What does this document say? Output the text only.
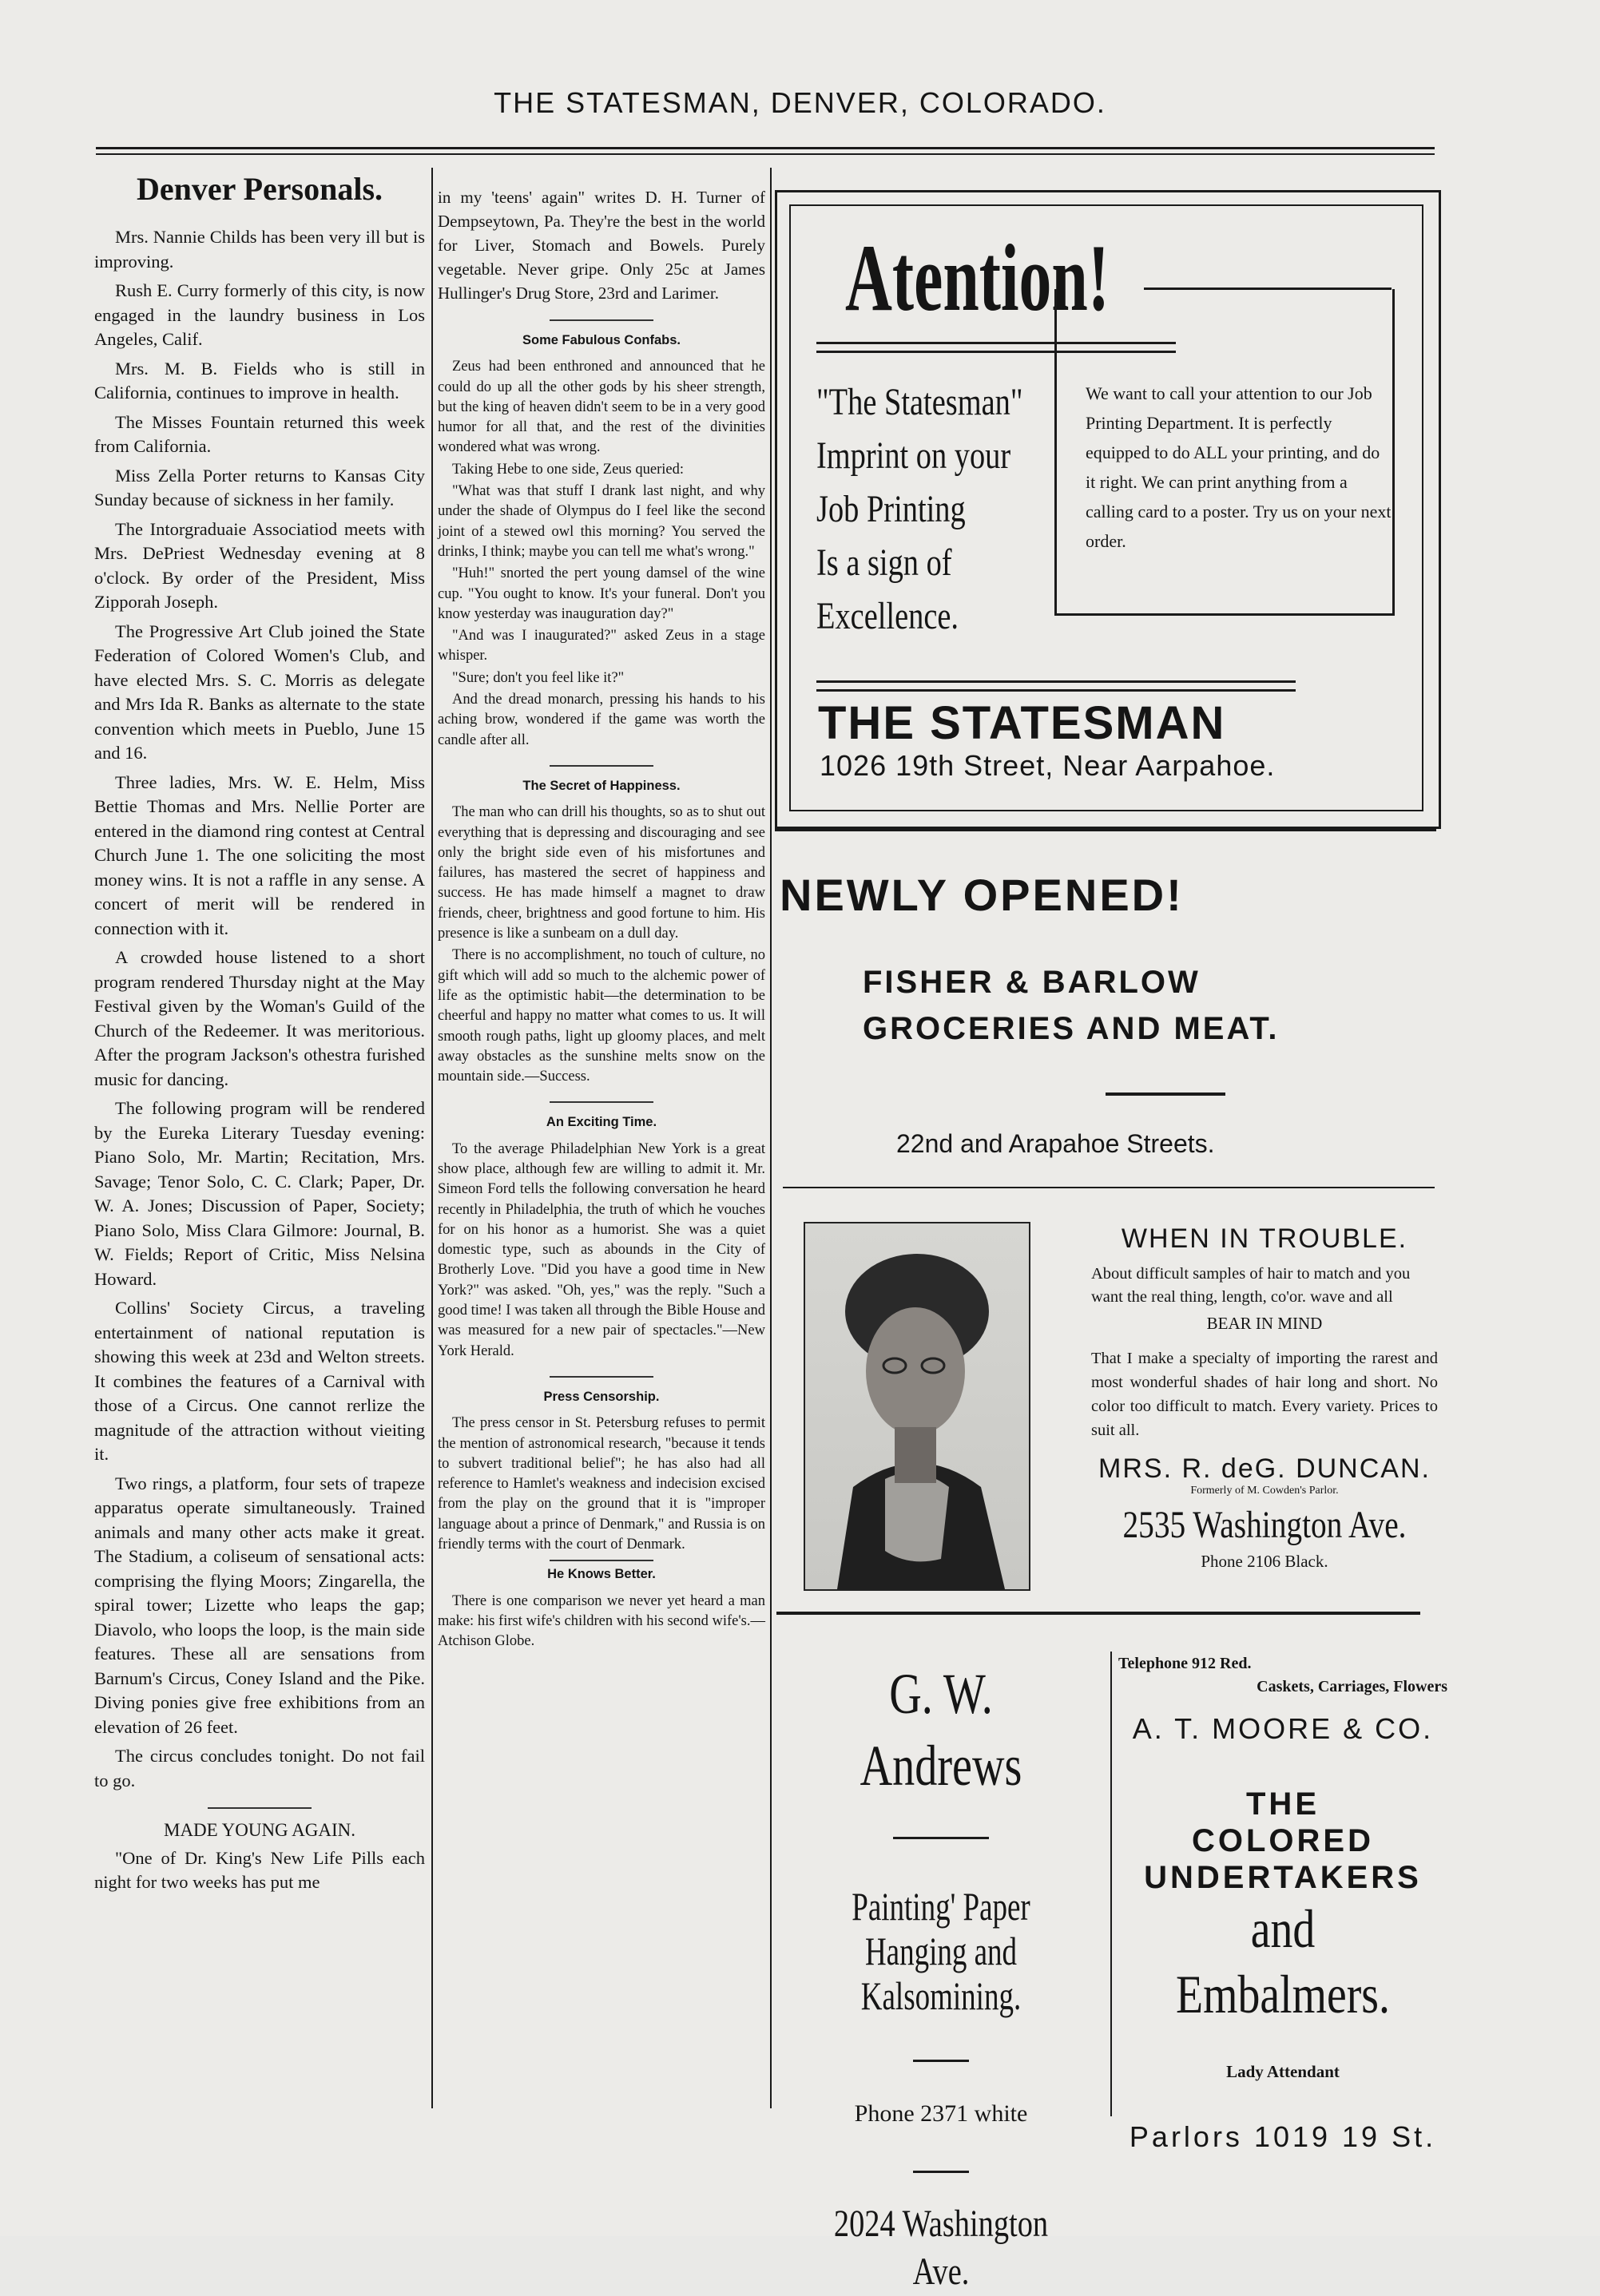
THE STATESMAN, DENVER, COLORADO.
Denver Personals.

Mrs. Nannie Childs has been very ill but is improving.

Rush E. Curry formerly of this city, is now engaged in the laundry business in Los Angeles, Calif.

Mrs. M. B. Fields who is still in California, continues to improve in health.

The Misses Fountain returned this week from California.

Miss Zella Porter returns to Kansas City Sunday because of sickness in her family.

The Intorgraduaie Associatiod meets with Mrs. DePriest Wednesday evening at 8 o'clock. By order of the President, Miss Zipporah Joseph.

The Progressive Art Club joined the State Federation of Colored Women's Club, and have elected Mrs. S. C. Morris as delegate and Mrs Ida R. Banks as alternate to the state convention which meets in Pueblo, June 15 and 16.

Three ladies, Mrs. W. E. Helm, Miss Bettie Thomas and Mrs. Nellie Porter are entered in the diamond ring contest at Central Church June 1. The one soliciting the most money wins. It is not a raffle in any sense. A concert of merit will be rendered in connection with it.

A crowded house listened to a short program rendered Thursday night at the May Festival given by the Woman's Guild of the Church of the Redeemer. It was meritorious. After the program Jackson's othestra furished music for dancing.

The following program will be rendered by the Eureka Literary Tuesday evening: Piano Solo, Mr. Martin; Recitation, Mrs. Savage; Tenor Solo, C. C. Clark; Paper, Dr. W. A. Jones; Discussion of Paper, Society; Piano Solo, Miss Clara Gilmore: Journal, B. W. Fields; Report of Critic, Miss Nelsina Howard.

Collins' Society Circus, a traveling entertainment of national reputation is showing this week at 23d and Welton streets. It combines the features of a Carnival with those of a Circus. One cannot rerlize the magnitude of the attraction without vieiting it.

Two rings, a platform, four sets of trapeze apparatus operate simultaneously. Trained animals and many other acts make it great. The Stadium, a coliseum of sensational acts: comprising the flying Moors; Zingarella, the spiral tower; Lizette who leaps the gap; Diavolo, who loops the loop, is the main side features. These all are sensations from Barnum's Circus, Coney Island and the Pike. Diving ponies give free exhibitions from an elevation of 26 feet.

The circus concludes tonight. Do not fail to go.

MADE YOUNG AGAIN.

"One of Dr. King's New Life Pills each night for two weeks has put me

in my 'teens' again" writes D. H. Turner of Dempseytown, Pa. They're the best in the world for Liver, Stomach and Bowels. Purely vegetable. Never gripe. Only 25c at James Hullinger's Drug Store, 23rd and Larimer.

Some Fabulous Confabs.

Zeus had been enthroned and announced that he could do up all the other gods by his sheer strength, but the king of heaven didn't seem to be in a very good humor for all that, and the rest of the divinities wondered what was wrong.

Taking Hebe to one side, Zeus queried:

"What was that stuff I drank last night, and why under the shade of Olympus do I feel like the second joint of a stewed owl this morning? You served the drinks, I think; maybe you can tell me what's wrong."

"Huh!" snorted the pert young damsel of the wine cup. "You ought to know. It's your funeral. Don't you know yesterday was inauguration day?"

"And was I inaugurated?" asked Zeus in a stage whisper.

"Sure; don't you feel like it?"

And the dread monarch, pressing his hands to his aching brow, wondered if the game was worth the candle after all.

The Secret of Happiness.

The man who can drill his thoughts, so as to shut out everything that is depressing and discouraging and see only the bright side even of his misfortunes and failures, has mastered the secret of happiness and success. He has made himself a magnet to draw friends, cheer, brightness and good fortune to him. His presence is like a sunbeam on a dull day.

There is no accomplishment, no touch of culture, no gift which will add so much to the alchemic power of life as the optimistic habit—the determination to be cheerful and happy no matter what comes to us. It will smooth rough paths, light up gloomy places, and melt away obstacles as the sunshine melts snow on the mountain side.—Success.

An Exciting Time.

To the average Philadelphian New York is a great show place, although few are willing to admit it. Mr. Simeon Ford tells the following conversation he heard recently in Philadelphia, the truth of which he vouches for on his honor as a humorist. She was a quiet domestic type, such as abounds in the City of Brotherly Love. "Did you have a good time in New York?" was asked. "Oh, yes," was the reply. "Such a good time! I was taken all through the Bible House and was measured for a new pair of spectacles."—New York Herald.

Press Censorship.

The press censor in St. Petersburg refuses to permit the mention of astronomical research, "because it tends to subvert traditional belief"; he has also had all reference to Hamlet's weakness and indecision excised from the play on the ground that it is "improper language about a prince of Denmark," and Russia is on friendly terms with the court of Denmark.

He Knows Better.

There is one comparison we never yet heard a man make: his first wife's children with his second wife's.—Atchison Globe.

Atention!

We want to call your attention to our Job Printing Department. It is perfectly equipped to do ALL your printing, and do it right. We can print anything from a calling card to a poster. Try us on your next order.

"The Statesman"
Imprint on your
Job Printing
Is a sign of
Excellence.
THE STATESMAN
1026 19th Street, Near Aarpahoe.
NEWLY OPENED!
FISHER & BARLOW
GROCERIES AND MEAT.
22nd and Arapahoe Streets.
WHEN IN TROUBLE.
About difficult samples of hair to match and you want the real thing, length, co'or. wave and all
BEAR IN MIND
That I make a specialty of importing the rarest and most wonderful shades of hair long and short. No color too difficult to match. Every variety. Prices to suit all.
MRS. R. deG. DUNCAN.
Formerly of M. Cowden's Parlor.
2535 Washington Ave.
Phone 2106 Black.
G. W. Andrews
Painting' Paper Hanging and Kalsomining.
Phone 2371 white
2024 Washington Ave.
Telephone 912 Red.
Caskets, Carriages, Flowers
A. T. MOORE & CO.
THE
COLORED
UNDERTAKERS
and Embalmers.
Lady Attendant
Parlors 1019 19 St.
